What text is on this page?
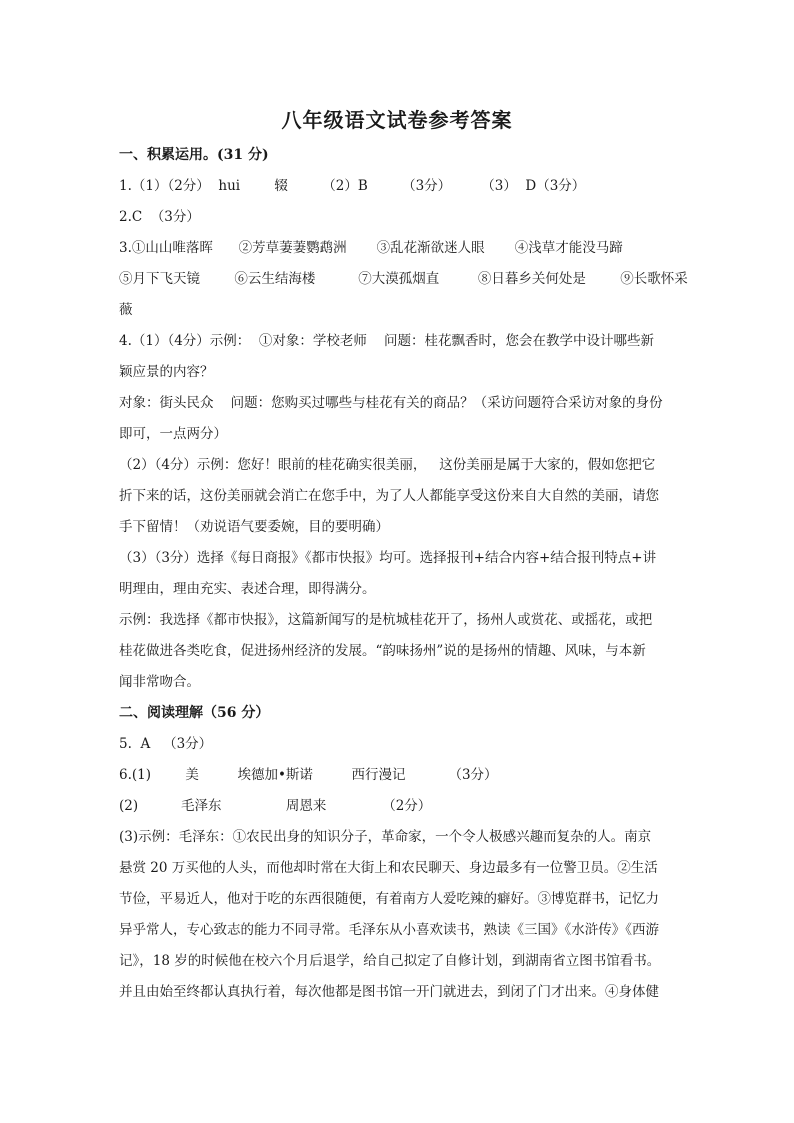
八年级语文试卷参考答案
一、积累运用。(31 分)
1.（1）（2分）  hui        辍        （2）B        （3分）       （3）  D（3分）
2.C  （3分）
3.①山山唯落晖      ②芳草萋萋鹦鹉洲       ③乱花渐欲迷人眼       ④浅草才能没马蹄
⑤月下飞天镜        ⑥云生结海楼          ⑦大漠孤烟直         ⑧日暮乡关何处是        ⑨长歌怀采
薇
4.（1）（4分）示例：  ①对象：学校老师    问题：桂花飘香时，您会在教学中设计哪些新
颖应景的内容？
对象：街头民众    问题：您购买过哪些与桂花有关的商品？（采访问题符合采访对象的身份
即可，一点两分）
（2）（4分）示例：您好！眼前的桂花确实很美丽，   这份美丽是属于大家的，假如您把它
折下来的话，这份美丽就会消亡在您手中，为了人人都能享受这份来自大自然的美丽，请您
手下留情！（劝说语气要委婉，目的要明确）
（3）（3分）选择《每日商报》《都市快报》均可。选择报刊+结合内容+结合报刊特点+讲
明理由，理由充实、表述合理，即得满分。
示例：我选择《都市快报》，这篇新闻写的是杭城桂花开了，扬州人或赏花、或摇花，或把
桂花做进各类吃食，促进扬州经济的发展。“韵味扬州”说的是扬州的情趣、风味，与本新
闻非常吻合。
二、阅读理解（56 分）
5.  A   （3分）
6.(1)        美         埃德加•斯诺         西行漫记          （3分）
(2)          毛泽东               周恩来             （2分）
(3)示例：毛泽东：①农民出身的知识分子，革命家，一个令人极感兴趣而复杂的人。南京
悬赏 20 万买他的人头，而他却时常在大街上和农民聊天、身边最多有一位警卫员。②生活
节俭，平易近人，他对于吃的东西很随便，有着南方人爱吃辣的癖好。③博览群书，记忆力
异乎常人，专心致志的能力不同寻常。毛泽东从小喜欢读书，熟读《三国》《水浒传》《西游
记》，18 岁的时候他在校六个月后退学，给自己拟定了自修计划，到湖南省立图书馆看书。
并且由始至终都认真执行着，每次他都是图书馆一开门就进去，到闭了门才出来。④身体健
